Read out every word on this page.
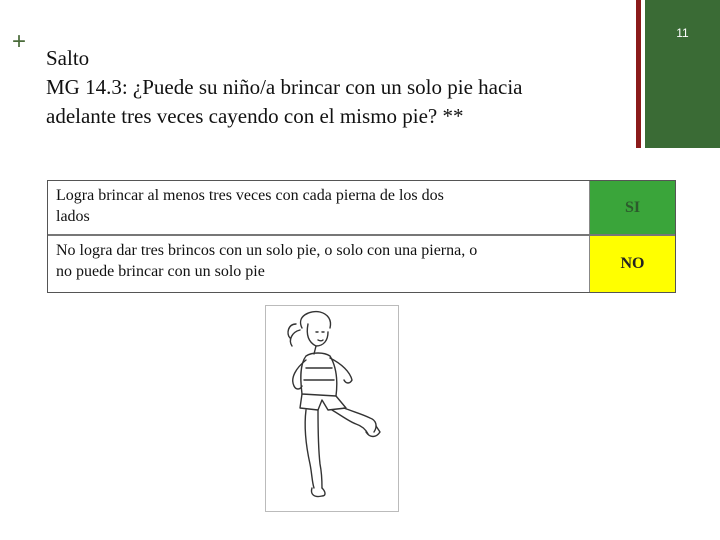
11
+
Salto
MG 14.3: ¿Puede su niño/a brincar con un solo pie hacia
adelante tres veces cayendo con el mismo pie? **
Logra brincar al menos tres veces con cada pierna de los dos
lados
SI
No logra dar tres brincos con un solo pie, o solo con una pierna, o
no puede brincar con un solo pie	NO
